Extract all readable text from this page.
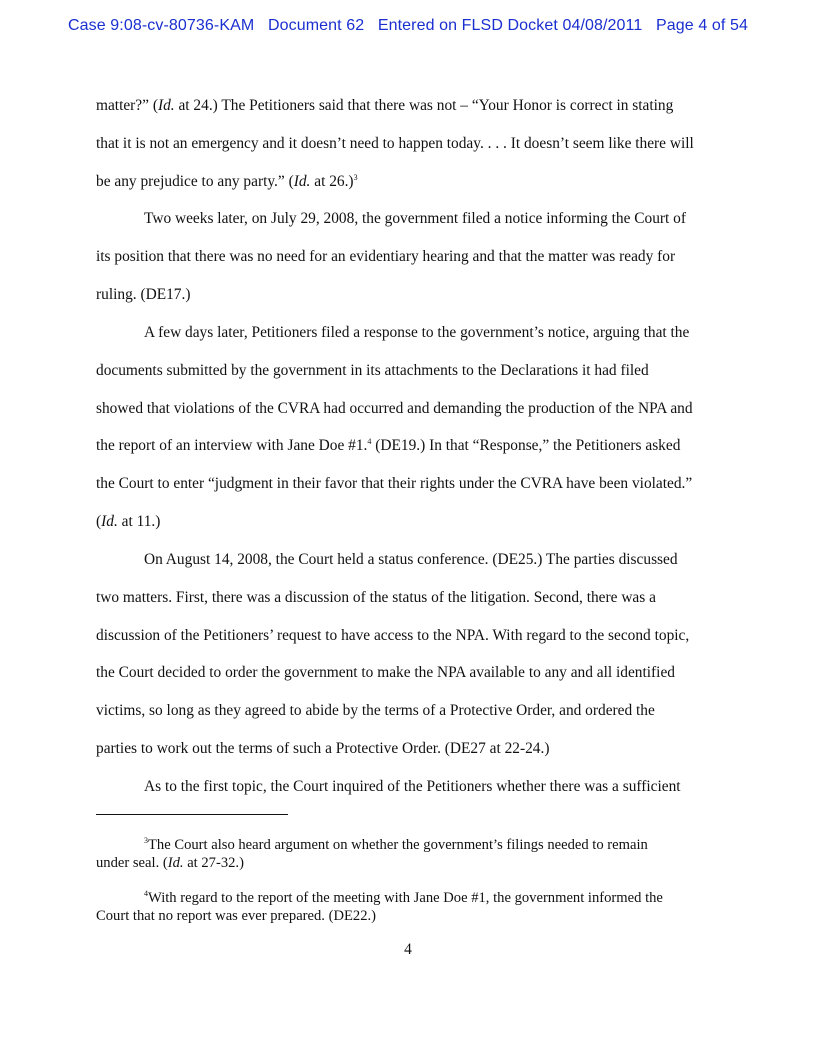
Case 9:08-cv-80736-KAM Document 62 Entered on FLSD Docket 04/08/2011 Page 4 of 54
matter?” (Id. at 24.) The Petitioners said that there was not – “Your Honor is correct in stating
that it is not an emergency and it doesn’t need to happen today. . . . It doesn’t seem like there will
be any prejudice to any party.” (Id. at 26.)$^3$
Two weeks later, on July 29, 2008, the government filed a notice informing the Court of
its position that there was no need for an evidentiary hearing and that the matter was ready for
ruling. (DE17.)
A few days later, Petitioners filed a response to the government’s notice, arguing that the
documents submitted by the government in its attachments to the Declarations it had filed
showed that violations of the CVRA had occurred and demanding the production of the NPA and
the report of an interview with Jane Doe #1.$^4$ (DE19.) In that “Response,” the Petitioners asked
the Court to enter “judgment in their favor that their rights under the CVRA have been violated.”
(Id. at 11.)
On August 14, 2008, the Court held a status conference. (DE25.) The parties discussed
two matters. First, there was a discussion of the status of the litigation. Second, there was a
discussion of the Petitioners’ request to have access to the NPA. With regard to the second topic,
the Court decided to order the government to make the NPA available to any and all identified
victims, so long as they agreed to abide by the terms of a Protective Order, and ordered the
parties to work out the terms of such a Protective Order. (DE27 at 22-24.)
As to the first topic, the Court inquired of the Petitioners whether there was a sufficient
$^3$The Court also heard argument on whether the government’s filings needed to remain
under seal. (Id. at 27-32.)
$^4$With regard to the report of the meeting with Jane Doe #1, the government informed the
Court that no report was ever prepared. (DE22.)
4
